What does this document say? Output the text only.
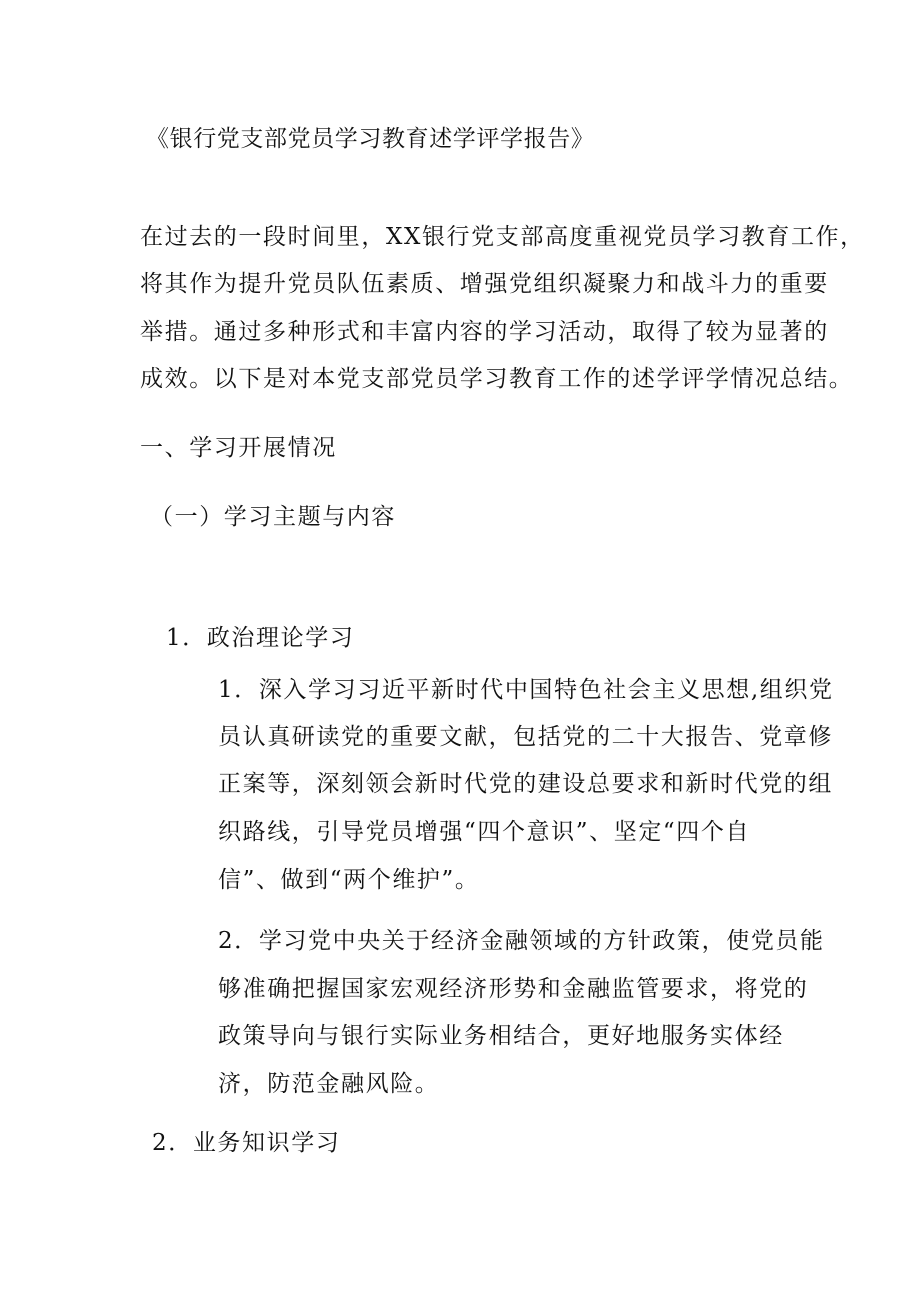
《银行党支部党员学习教育述学评学报告》
在过去的一段时间里，XX银行党支部高度重视党员学习教育工作，
将其作为提升党员队伍素质、增强党组织凝聚力和战斗力的重要
举措。通过多种形式和丰富内容的学习活动，取得了较为显著的
成效。以下是对本党支部党员学习教育工作的述学评学情况总结。
一、学习开展情况
（一）学习主题与内容
1．政治理论学习
1．深入学习习近平新时代中国特色社会主义思想,组织党
员认真研读党的重要文献，包括党的二十大报告、党章修
正案等，深刻领会新时代党的建设总要求和新时代党的组
织路线，引导党员增强“四个意识”、坚定“四个自
信”、做到“两个维护”。
2．学习党中央关于经济金融领域的方针政策，使党员能
够准确把握国家宏观经济形势和金融监管要求，将党的
政策导向与银行实际业务相结合，更好地服务实体经
济，防范金融风险。
2．业务知识学习
